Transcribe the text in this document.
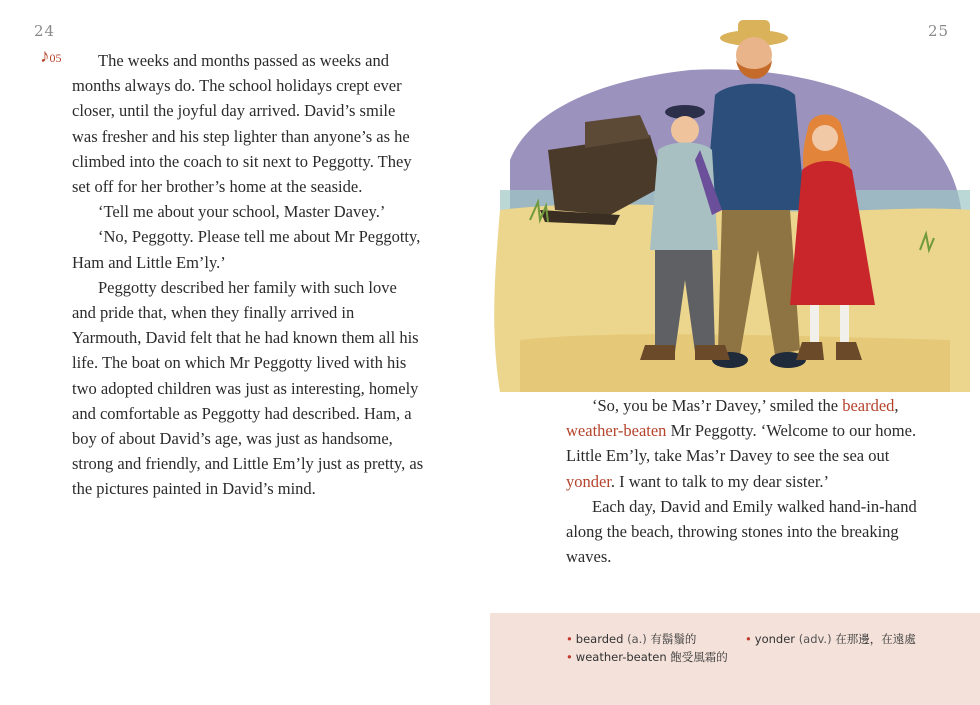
24	25
♪05	The weeks and months passed as weeks and months always do. The school holidays crept ever closer, until the joyful day arrived. David’s smile was fresher and his step lighter than anyone’s as he climbed into the coach to sit next to Peggotty. They set off for her brother’s home at the seaside.

‘Tell me about your school, Master Davey.’

‘No, Peggotty. Please tell me about Mr Peggotty, Ham and Little Em’ly.’

Peggotty described her family with such love and pride that, when they finally arrived in Yarmouth, David felt that he had known them all his life. The boat on which Mr Peggotty lived with his two adopted children was just as interesting, homely and comfortable as Peggotty had described. Ham, a boy of about David’s age, was just as handsome, strong and friendly, and Little Em’ly just as pretty, as the pictures painted in David’s mind.

‘So, you be Mas’r Davey,’ smiled the bearded, weather-beaten Mr Peggotty. ‘Welcome to our home. Little Em’ly, take Mas’r Davey to see the sea out yonder. I want to talk to my dear sister.’

Each day, David and Emily walked hand-in-hand along the beach, throwing stones into the breaking waves.

• bearded (a.) 有鬍鬚的
• weather-beaten 飽受風霜的
• yonder (adv.) 在那邊，在遠處
